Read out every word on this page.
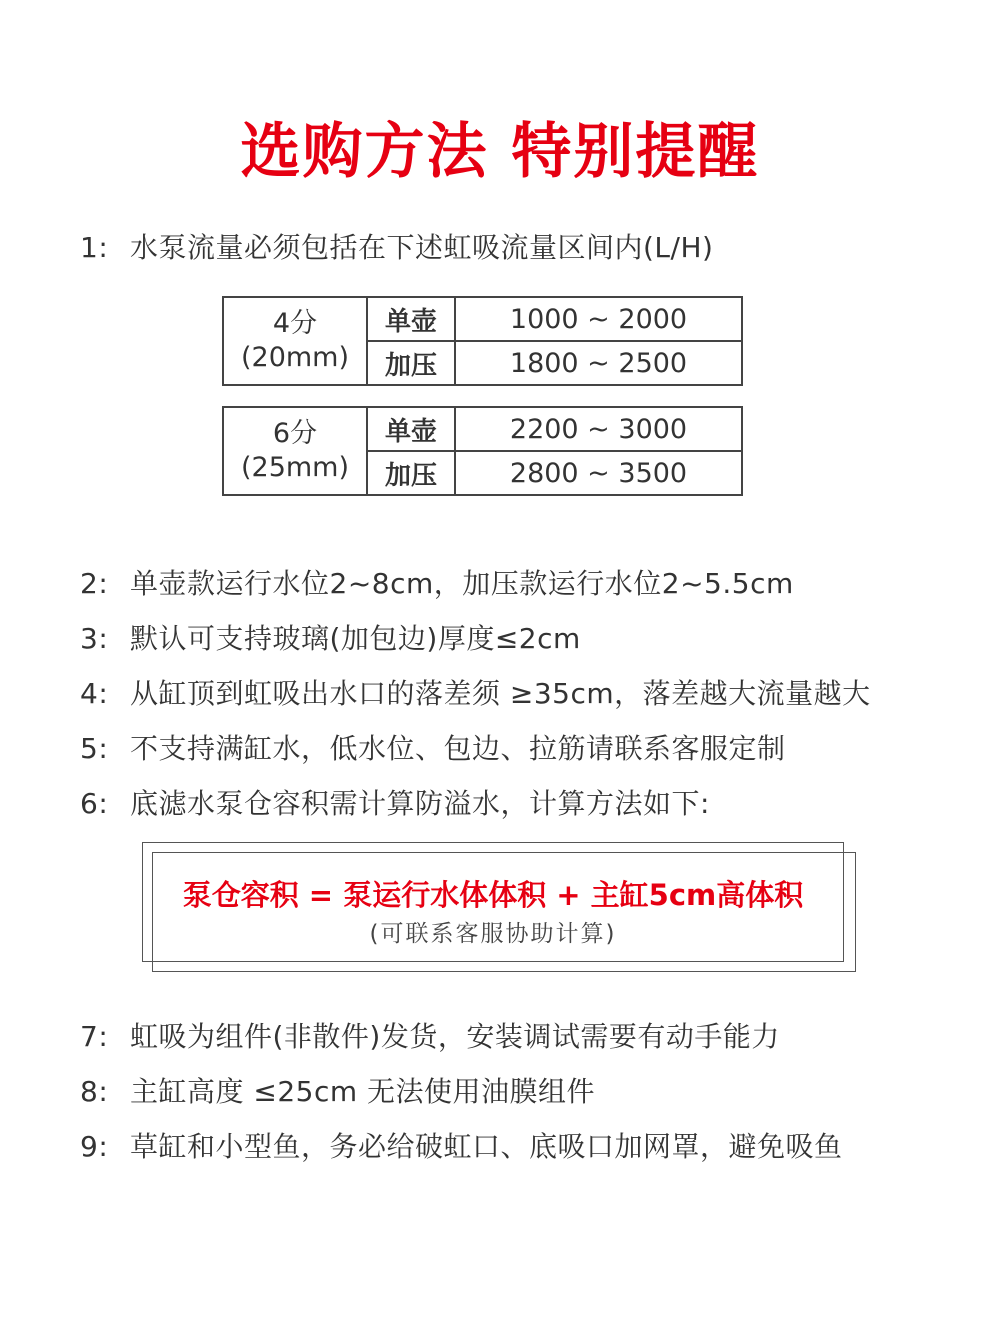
选购方法 特别提醒
1: 水泵流量必须包括在下述虹吸流量区间内(L/H)
4分
(20mm)	单壶	1000 ~ 2000
	加压	1800 ~ 2500
6分
(25mm)	单壶	2200 ~ 3000
	加压	2800 ~ 3500
2: 单壶款运行水位2~8cm，加压款运行水位2~5.5cm
3: 默认可支持玻璃(加包边)厚度≤2cm
4: 从缸顶到虹吸出水口的落差须 ≥35cm，落差越大流量越大
5: 不支持满缸水，低水位、包边、拉筋请联系客服定制
6: 底滤水泵仓容积需计算防溢水，计算方法如下:
泵仓容积 = 泵运行水体体积 + 主缸5cm高体积
(可联系客服协助计算)
7: 虹吸为组件(非散件)发货，安装调试需要有动手能力
8: 主缸高度 ≤25cm 无法使用油膜组件
9: 草缸和小型鱼，务必给破虹口、底吸口加网罩，避免吸鱼
